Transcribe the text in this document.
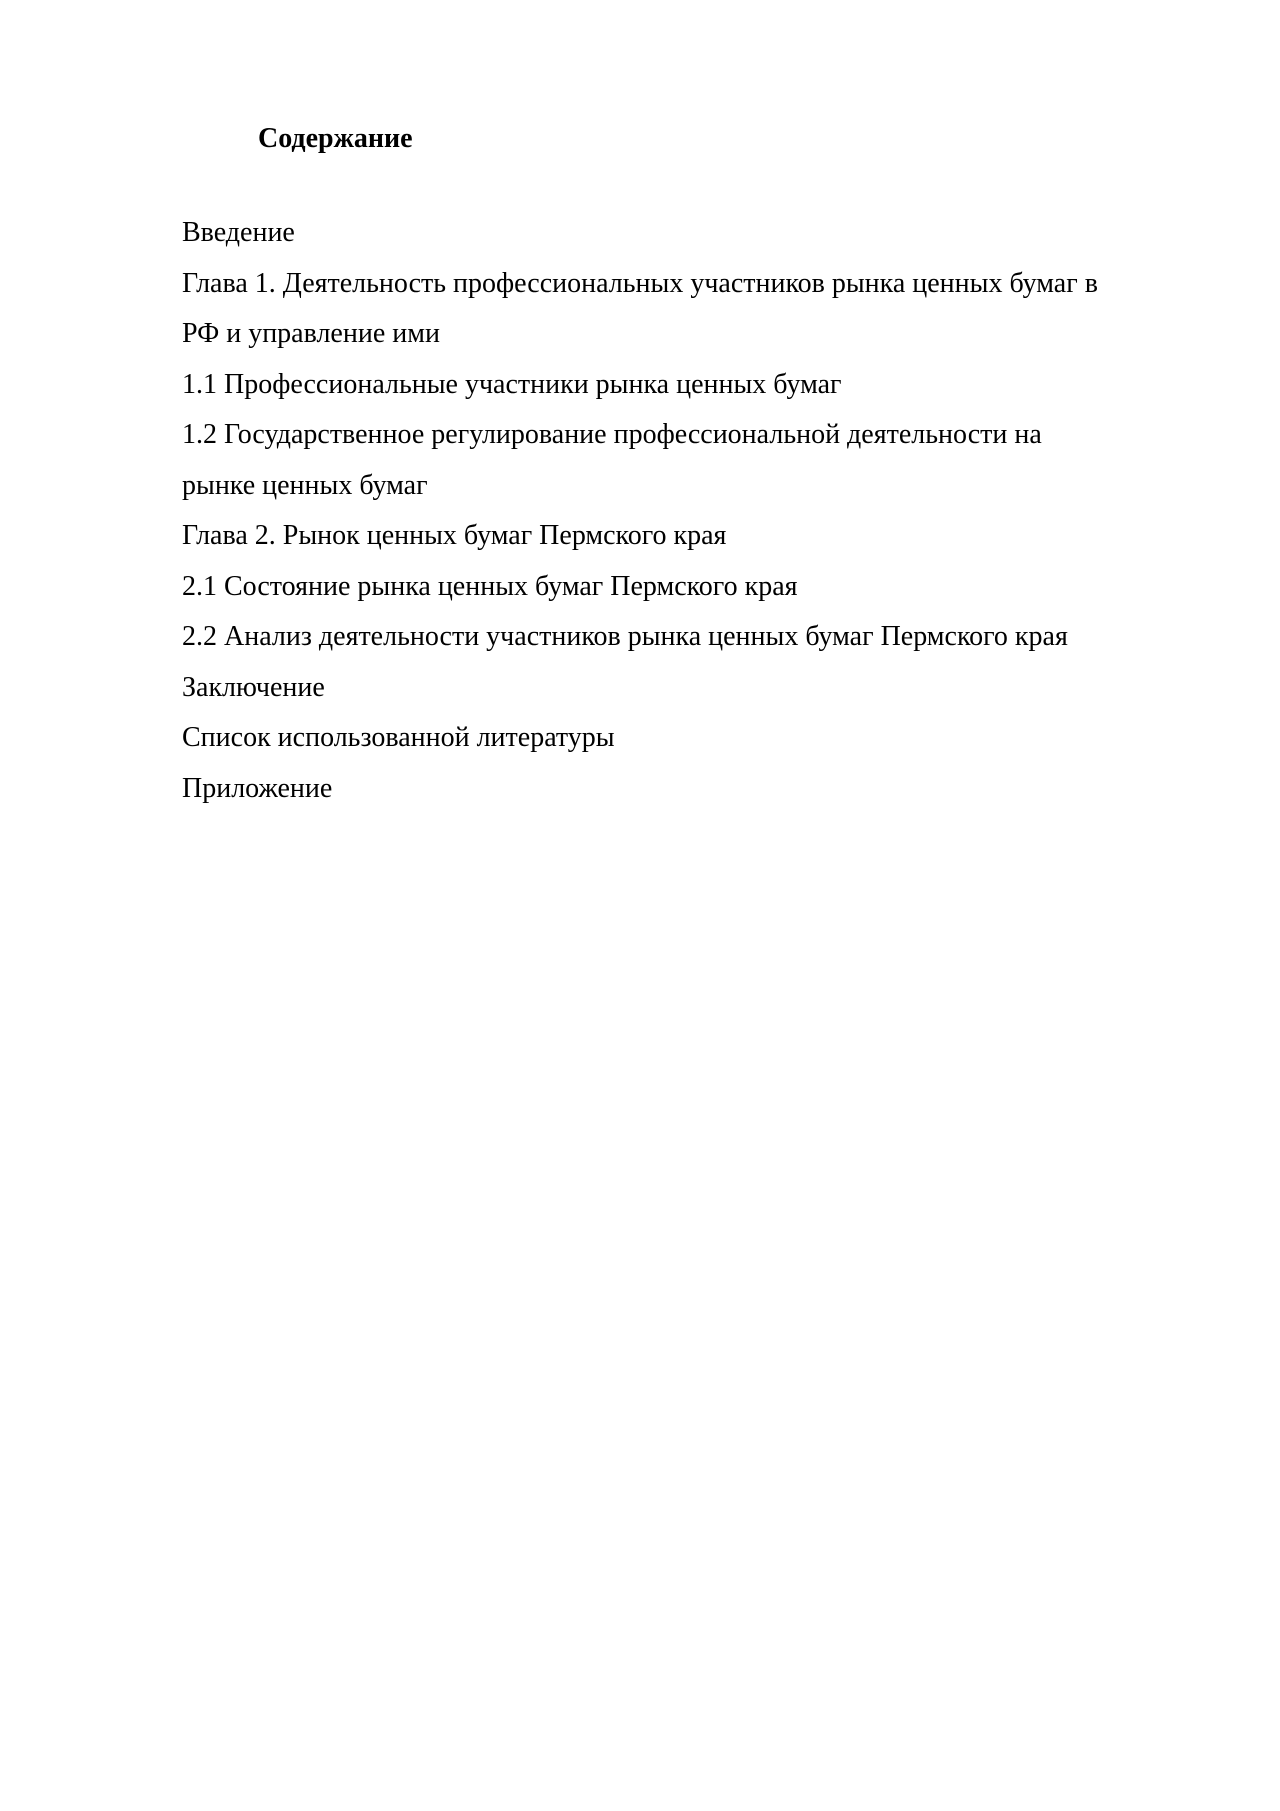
Содержание
Введение
Глава 1. Деятельность профессиональных участников рынка ценных бумаг в
РФ и управление ими
1.1 Профессиональные участники рынка ценных бумаг
1.2 Государственное регулирование профессиональной деятельности на
рынке ценных бумаг
Глава 2. Рынок ценных бумаг Пермского края
2.1 Состояние рынка ценных бумаг Пермского края
2.2 Анализ деятельности участников рынка ценных бумаг Пермского края
Заключение
Список использованной литературы
Приложение
